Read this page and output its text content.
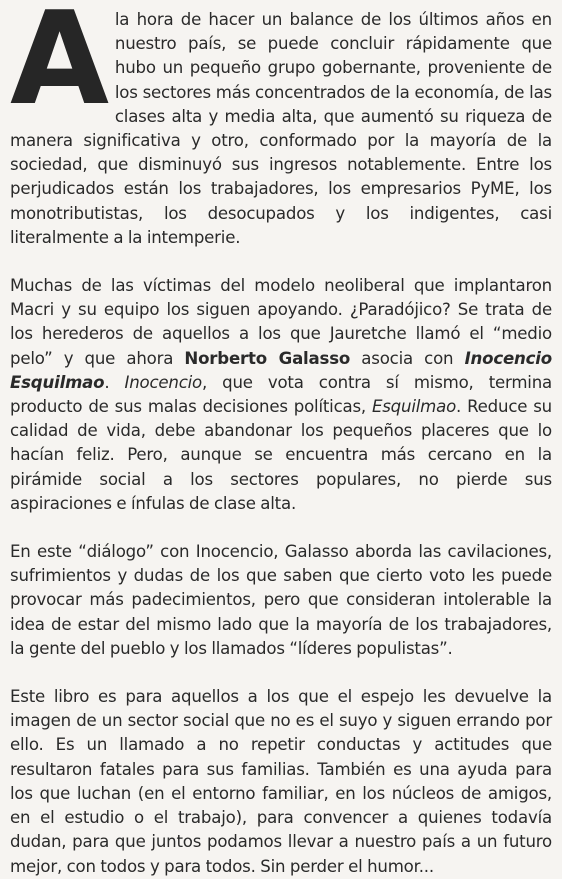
Ala hora de hacer un balance de los últimos años en nuestro país, se puede concluir rápidamente que hubo un pequeño grupo gobernante, proveniente de los sectores más concentrados de la economía, de las clases alta y media alta, que aumentó su riqueza de manera significativa y otro, conformado por la mayoría de la sociedad, que disminuyó sus ingresos notablemente. Entre los perjudicados están los trabajadores, los empresarios PyME, los monotributistas, los desocupados y los indigentes, casi literalmente a la intemperie.

Muchas de las víctimas del modelo neoliberal que implantaron Macri y su equipo los siguen apoyando. ¿Paradójico? Se trata de los herederos de aquellos a los que Jauretche llamó el “medio pelo” y que ahora Norberto Galasso asocia con Inocencio Esquilmao. Inocencio, que vota contra sí mismo, termina producto de sus malas decisiones políticas, Esquilmao. Reduce su calidad de vida, debe abandonar los pequeños placeres que lo hacían feliz. Pero, aunque se encuentra más cercano en la pirámide social a los sectores populares, no pierde sus aspiraciones e ínfulas de clase alta.

En este “diálogo” con Inocencio, Galasso aborda las cavilaciones, sufrimientos y dudas de los que saben que cierto voto les puede provocar más padecimientos, pero que consideran intolerable la idea de estar del mismo lado que la mayoría de los trabajadores, la gente del pueblo y los llamados “líderes populistas”.

Este libro es para aquellos a los que el espejo les devuelve la imagen de un sector social que no es el suyo y siguen errando por ello. Es un llamado a no repetir conductas y actitudes que resultaron fatales para sus familias. También es una ayuda para los que luchan (en el entorno familiar, en los núcleos de amigos, en el estudio o el trabajo), para convencer a quienes todavía dudan, para que juntos podamos llevar a nuestro país a un futuro mejor, con todos y para todos. Sin perder el humor...
